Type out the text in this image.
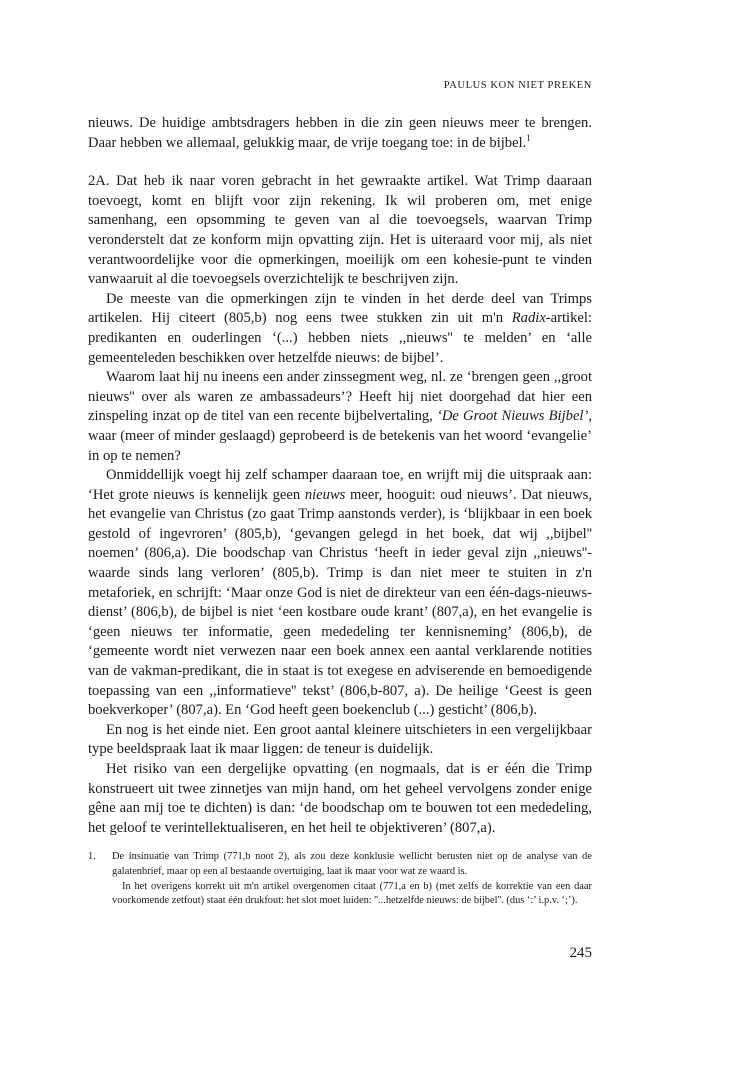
PAULUS KON NIET PREKEN

nieuws. De huidige ambtsdragers hebben in die zin geen nieuws meer te brengen. Daar hebben we allemaal, gelukkig maar, de vrije toegang toe: in de bijbel.$^1$

2A. Dat heb ik naar voren gebracht in het gewraakte artikel. Wat Trimp daaraan toevoegt, komt en blijft voor zijn rekening. Ik wil proberen om, met enige samenhang, een opsomming te geven van al die toevoegsels, waarvan Trimp veronderstelt dat ze konform mijn opvatting zijn. Het is uiteraard voor mij, als niet verantwoordelijke voor die opmerkingen, moeilijk om een kohesie-punt te vinden vanwaaruit al die toevoegsels overzichtelijk te beschrijven zijn.

De meeste van die opmerkingen zijn te vinden in het derde deel van Trimps artikelen. Hij citeert (805,b) nog eens twee stukken zin uit m'n Radix-artikel: predikanten en ouderlingen ‘(...) hebben niets ,,nieuws'' te melden’ en ‘alle gemeenteleden beschikken over hetzelfde nieuws: de bijbel’.

Waarom laat hij nu ineens een ander zinssegment weg, nl. ze ‘brengen geen ,,groot nieuws'' over als waren ze ambassadeurs’? Heeft hij niet doorgehad dat hier een zinspeling inzat op de titel van een recente bijbelvertaling, ‘De Groot Nieuws Bijbel’, waar (meer of minder geslaagd) geprobeerd is de betekenis van het woord ‘evangelie’ in op te nemen?

Onmiddellijk voegt hij zelf schamper daaraan toe, en wrijft mij die uitspraak aan: ‘Het grote nieuws is kennelijk geen nieuws meer, hooguit: oud nieuws’. Dat nieuws, het evangelie van Christus (zo gaat Trimp aanstonds verder), is ‘blijkbaar in een boek gestold of ingevroren’ (805,b), ‘gevangen gelegd in het boek, dat wij ,,bijbel'' noemen’ (806,a). Die boodschap van Christus ‘heeft in ieder geval zijn ,,nieuws''-waarde sinds lang verloren’ (805,b). Trimp is dan niet meer te stuiten in z'n metaforiek, en schrijft: ‘Maar onze God is niet de direkteur van een één-dags-nieuws-dienst’ (806,b), de bijbel is niet ‘een kostbare oude krant’ (807,a), en het evangelie is ‘geen nieuws ter informatie, geen mededeling ter kennisneming’ (806,b), de ‘gemeente wordt niet verwezen naar een boek annex een aantal verklarende notities van de vakman-predikant, die in staat is tot exegese en adviserende en bemoedigende toepassing van een ,,informatieve'' tekst’ (806,b-807, a). De heilige ‘Geest is geen boekverkoper’ (807,a). En ‘God heeft geen boekenclub (...) gesticht’ (806,b).

En nog is het einde niet. Een groot aantal kleinere uitschieters in een vergelijkbaar type beeldspraak laat ik maar liggen: de teneur is duidelijk.

Het risiko van een dergelijke opvatting (en nogmaals, dat is er één die Trimp konstrueert uit twee zinnetjes van mijn hand, om het geheel vervolgens zonder enige gêne aan mij toe te dichten) is dan: ‘de boodschap om te bouwen tot een mededeling, het geloof te verintellektualiseren, en het heil te objektiveren’ (807,a).

1.	De insinuatie van Trimp (771,b noot 2), als zou deze konklusie wellicht berusten niet op de analyse van de galatenbrief, maar op een al bestaande overtuiging, laat ik maar voor wat ze waard is.

In het overigens korrekt uit m'n artikel overgenomen citaat (771,a en b) (met zelfs de korrektie van een daar voorkomende zetfout) staat één drukfout: het slot moet luiden: ''...hetzelfde nieuws: de bijbel''. (dus ‘:’ i.p.v. ‘;’).

245
